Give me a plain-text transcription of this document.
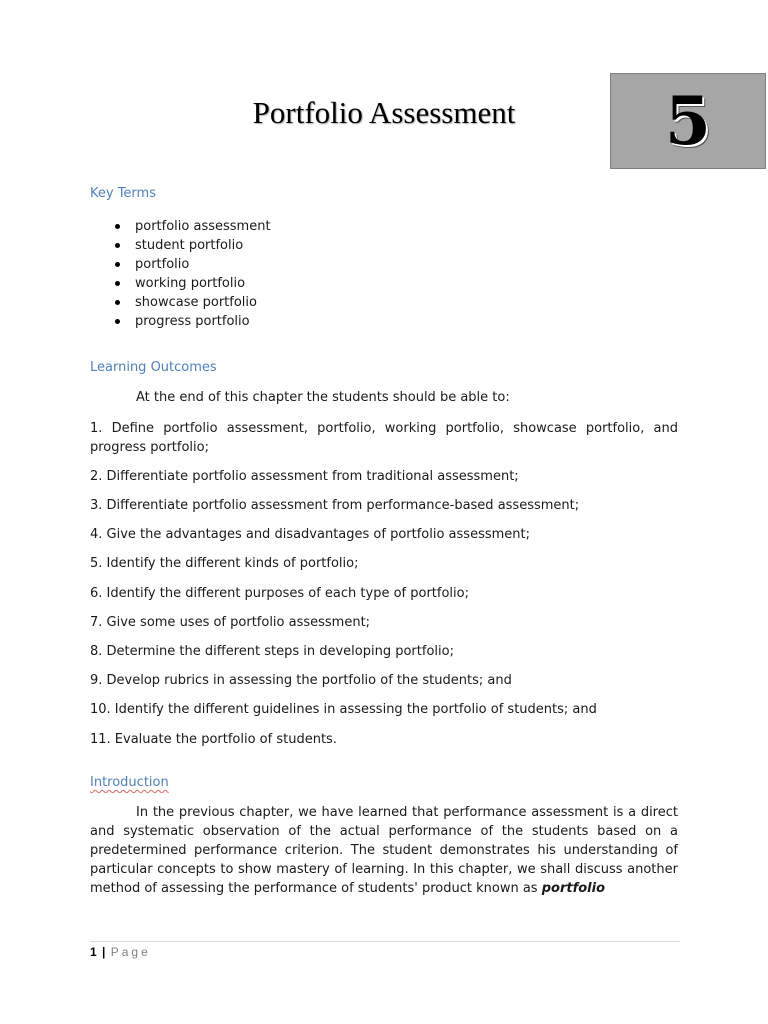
Portfolio Assessment	5
Key Terms
portfolio assessment
student portfolio
portfolio
working portfolio
showcase portfolio
progress portfolio
Learning Outcomes

At the end of this chapter the students should be able to:

1. Define portfolio assessment, portfolio, working portfolio, showcase portfolio, and progress portfolio;

2. Differentiate portfolio assessment from traditional assessment;

3. Differentiate portfolio assessment from performance-based assessment;

4. Give the advantages and disadvantages of portfolio assessment;

5. Identify the different kinds of portfolio;

6. Identify the different purposes of each type of portfolio;

7. Give some uses of portfolio assessment;

8. Determine the different steps in developing portfolio;

9. Develop rubrics in assessing the portfolio of the students; and

10. Identify the different guidelines in assessing the portfolio of students; and

11. Evaluate the portfolio of students.

Introduction

In the previous chapter, we have learned that performance assessment is a direct and systematic observation of the actual performance of the students based on a predetermined performance criterion. The student demonstrates his understanding of particular concepts to show mastery of learning. In this chapter, we shall discuss another method of assessing the performance of students' product known as portfolio

1 | Page
